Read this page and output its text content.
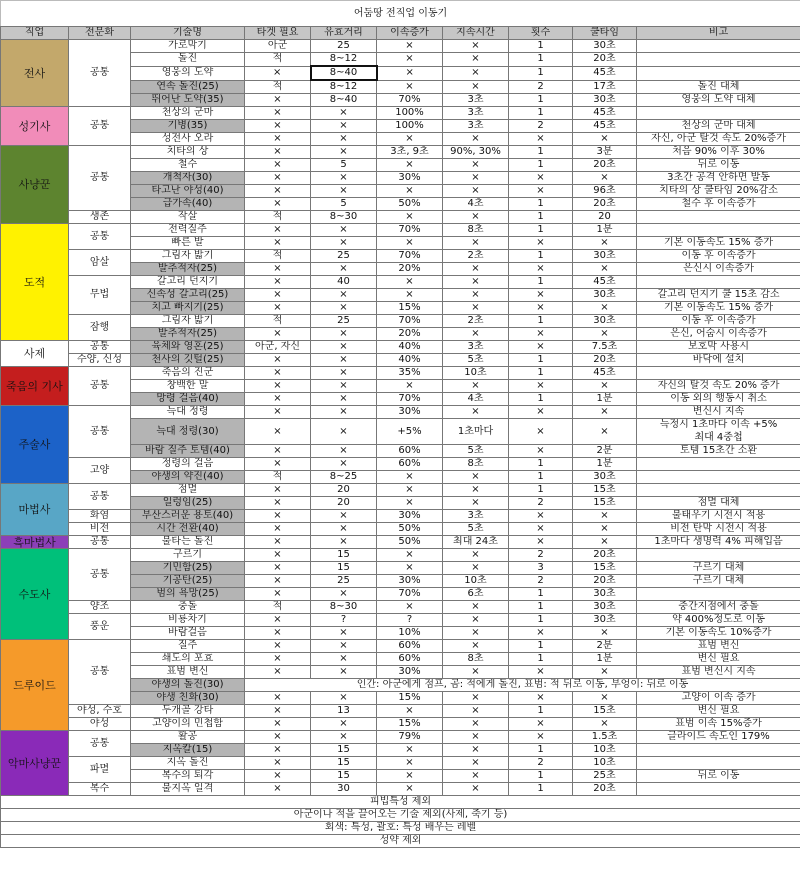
어둠땅 전직업 이동기									
직업	전문화	기술명	타겟 필요	유효거리	이속증가	지속시간	횟수	쿨타임	비고
전사	공통	가로막기	아군	25	×	×	1	30초	
		돌진	적	8~12	×	×	1	20초	
		영웅의 도약	×	8~40	×	×	1	45초	
		연속 돌진(25)	적	8~12	×	×	2	17초	돌진 대체
		뛰어난 도약(35)	×	8~40	70%	3초	1	30초	영웅의 도약 대체
성기사	공통	천상의 군마	×	×	100%	3초	1	45초	
		기병(35)	×	×	100%	3초	2	45초	천상의 군마 대체
		성전사 오라	×	×	×	×	×	×	자신, 아군 탈것 속도 20%증가
사냥꾼	공통	치타의 상	×	×	3초, 9초	90%, 30%	1	3분	처음 90% 이후 30%
		철수	×	5	×	×	1	20초	뒤로 이동
		개척자(30)	×	×	30%	×	×	×	3초간 공격 안하면 발동
		타고난 야성(40)	×	×	×	×	×	96초	치타의 상 쿨타임 20%감소
		급가속(40)	×	5	50%	4초	1	20초	철수 후 이속증가
	생존	작살	적	8~30	×	×	1	20	
도적	공통	전력질주	×	×	70%	8초	1	1분	
		빠른 발	×	×	×	×	×	×	기본 이동속도 15% 증가
	암살	그림자 밟기	적	25	70%	2초	1	30초	이동 후 이속증가
		발추적자(25)	×	×	20%	×	×	×	은신시 이속증가
	무법	갈고리 던지기	×	40	×	×	1	45초	
		신속성 갈고리(25)	×	×	×	×	×	30초	갈고리 던지기 쿨 15초 감소
		치고 빠지기(25)	×	×	15%	×	×	×	기본 이동속도 15% 증가
	잠행	그림자 밟기	적	25	70%	2초	1	30초	이동 후 이속증가
		발추적자(25)	×	×	20%	×	×	×	은신, 어숨시 이속증가
사제	공통	육체와 영혼(25)	아군, 자신	×	40%	3초	×	7.5초	보호막 사용시
	수양, 신성	천사의 깃털(25)	×	×	40%	5초	1	20초	바닥에 설치
죽음의 기사	공통	죽음의 진군	×	×	35%	10초	1	45초	
		창백한 말	×	×	×	×	×	×	자신의 탈것 속도 20% 증가
		망령 걸음(40)	×	×	70%	4초	1	1분	이동 외의 행동시 취소
주술사	공통	늑대 정령	×	×	30%	×	×	×	변신시 지속
		늑대 정령(30)	×	×	+5%	1초마다	×	×	늑정시 1초마다 이속 +5%
최대 4중첩

		바람 질주 토템(40)	×	×	60%	5초	×	2분	토템 15초간 소환
	고양	정령의 걸음	×	×	60%	8초	1	1분	
		야생의 약진(40)	적	8~25	×	×	1	30초	
마법사	공통	점멸	×	20	×	×	1	15초	
		일렁임(25)	×	20	×	×	2	15초	점멸 대체
	화염	부산스러운 용토(40)	×	×	30%	3초	×	×	불태우기 시전시 적용
	비전	시간 전환(40)	×	×	50%	5초	×	×	비전 탄막 시전시 적용
흑마법사	공통	불타는 돌진	×	×	50%	최대 24초	×	×	1초마다 생명력 4% 피해입음
수도사	공통	구르기	×	15	×	×	2	20초	
		기민함(25)	×	15	×	×	3	15초	구르기 대체
		기공탄(25)	×	25	30%	10초	2	20초	구르기 대체
		범의 욕망(25)	×	×	70%	6초	1	30초	
	양조	충돌	적	8~30	×	×	1	30초	중간지점에서 충돌
	풍운	비룡차기	×	?	?	×	1	30초	약 400%정도로 이동
		바람걸음	×	×	10%	×	×	×	기본 이동속도 10%증가
드루이드	공통	질주	×	×	60%	×	1	2분	표범 변신
		쇄도의 포효	×	×	60%	8초	1	1분	변신 필요
		표범 변신	×	×	30%	×	×	×	표범 변신시 지속
		야생의 돌진(30)	인간: 아군에게 점프, 곰: 적에게 돌진, 표범: 적 뒤로 이동, 부엉이: 뒤로 이동						
		야생 친화(30)	×	×	15%	×	×	×	고양이 이속 증가
	야성, 수호	두개골 강타	×	13	×	×	1	15초	변신 필요
	야성	고양이의 민첩함	×	×	15%	×	×	×	표범 이속 15%증가
악마사냥꾼	공통	활공	×	×	79%	×	×	1.5초	글라이드 속도인 179%
		지옥칼(15)	×	15	×	×	1	10초	
	파멸	지옥 돌진	×	15	×	×	2	10초	
		복수의 퇴각	×	15	×	×	1	25초	뒤로 이동
	복수	불지옥 일격	×	30	×	×	1	20초	
피빕특성 제외									
아군이나 적을 끌어오는 기술 제외(사제, 죽기 등)									
회색: 특성, 괄호: 특성 배우는 레벨									
성약 제외									
